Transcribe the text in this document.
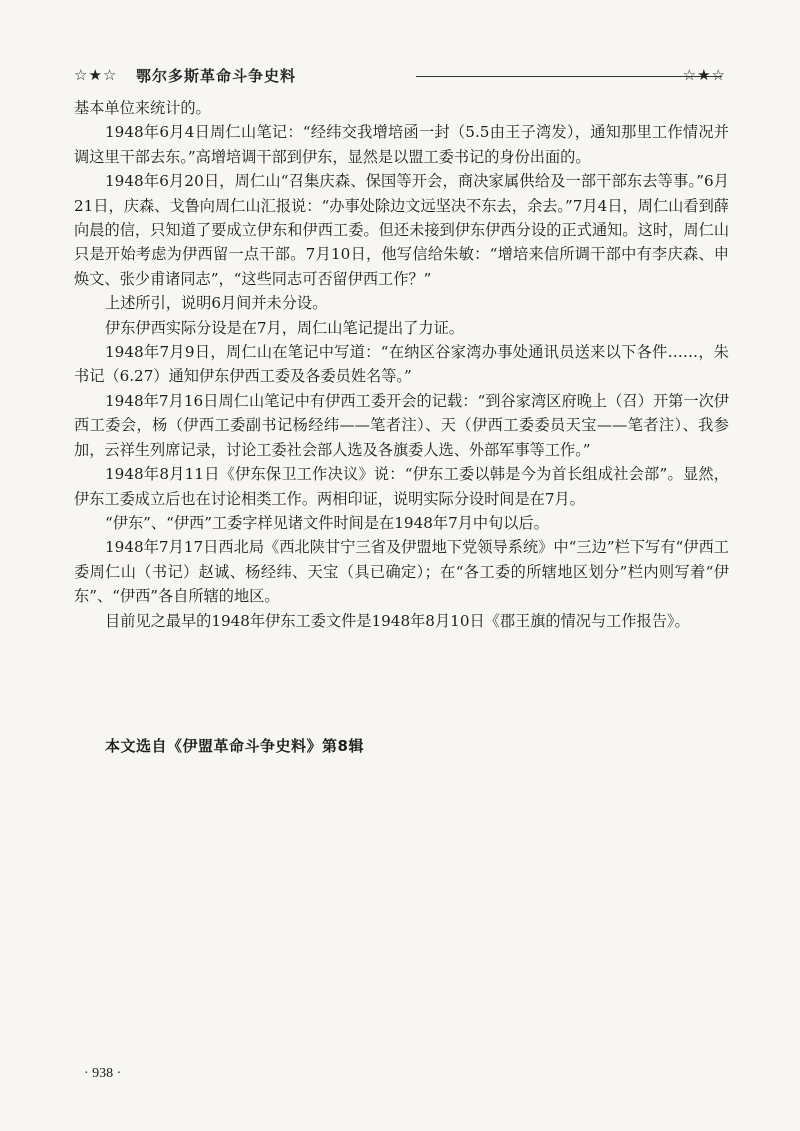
☆★☆ 鄂尔多斯革命斗争史料	☆★☆

基本单位来统计的。

1948年6月4日周仁山笔记：“经纬交我增培函一封（5.5由王子湾发），通知那里工作情况并调这里干部去东。”高增培调干部到伊东，显然是以盟工委书记的身份出面的。

1948年6月20日，周仁山“召集庆森、保国等开会，商决家属供给及一部干部东去等事。”6月21日，庆森、戈鲁向周仁山汇报说：“办事处除边文远坚决不东去，余去。”7月4日，周仁山看到薛向晨的信，只知道了要成立伊东和伊西工委。但还未接到伊东伊西分设的正式通知。这时，周仁山只是开始考虑为伊西留一点干部。7月10日，他写信给朱敏：“增培来信所调干部中有李庆森、申焕文、张少甫诸同志”，“这些同志可否留伊西工作？”

上述所引，说明6月间并未分设。

伊东伊西实际分设是在7月，周仁山笔记提出了力证。

1948年7月9日，周仁山在笔记中写道：“在纳区谷家湾办事处通讯员送来以下各件……，朱书记（6.27）通知伊东伊西工委及各委员姓名等。”

1948年7月16日周仁山笔记中有伊西工委开会的记载：“到谷家湾区府晚上（召）开第一次伊西工委会，杨（伊西工委副书记杨经纬——笔者注）、天（伊西工委委员天宝——笔者注）、我参加，云祥生列席记录，讨论工委社会部人选及各旗委人选、外部军事等工作。”

1948年8月11日《伊东保卫工作决议》说：“伊东工委以韩是今为首长组成社会部”。显然，伊东工委成立后也在讨论相类工作。两相印证，说明实际分设时间是在7月。

“伊东”、“伊西”工委字样见诸文件时间是在1948年7月中旬以后。

1948年7月17日西北局《西北陕甘宁三省及伊盟地下党领导系统》中“三边”栏下写有“伊西工委周仁山（书记）赵诚、杨经纬、天宝（具已确定）；在“各工委的所辖地区划分”栏内则写着“伊东”、“伊西”各自所辖的地区。

目前见之最早的1948年伊东工委文件是1948年8月10日《郡王旗的情况与工作报告》。

本文选自《伊盟革命斗争史料》第8辑
· 938 ·
